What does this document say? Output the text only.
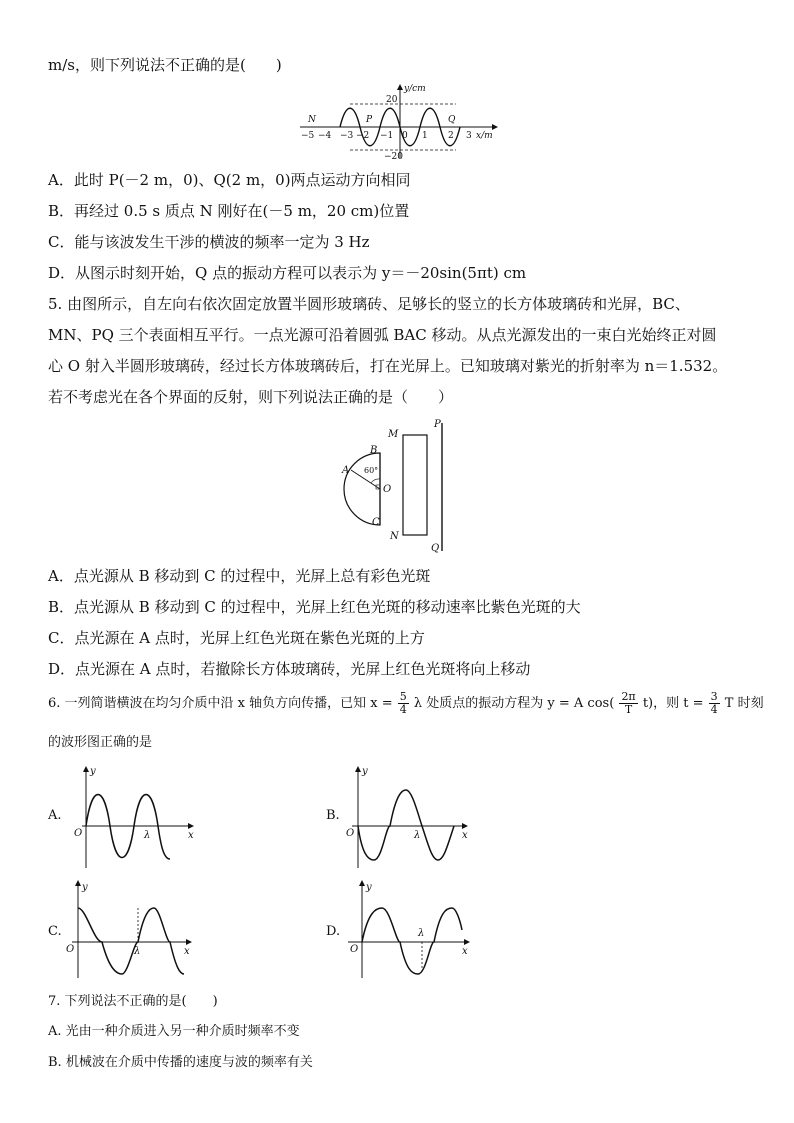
m/s，则下列说法不正确的是(　　)
20
−20
y/cm
x/m
−5 −4 −3 −2 −1 0 1 2 3
N	P	Q
A．此时 P(－2 m，0)、Q(2 m，0)两点运动方向相同
B．再经过 0.5 s 质点 N 刚好在(－5 m，20 cm)位置
C．能与该波发生干涉的横波的频率一定为 3 Hz
D．从图示时刻开始，Q 点的振动方程可以表示为 y＝－20sin(5πt) cm
5. 由图所示，自左向右依次固定放置半圆形玻璃砖、足够长的竖立的长方体玻璃砖和光屏，BC、
MN、PQ 三个表面相互平行。一点光源可沿着圆弧 BAC 移动。从点光源发出的一束白光始终正对圆
心 O 射入半圆形玻璃砖，经过长方体玻璃砖后，打在光屏上。已知玻璃对紫光的折射率为 n＝1.532。
若不考虑光在各个界面的反射，则下列说法正确的是（　　）
A
B
C
O
M
N
P
Q
60°
A．点光源从 B 移动到 C 的过程中，光屏上总有彩色光斑
B．点光源从 B 移动到 C 的过程中，光屏上红色光斑的移动速率比紫色光斑的大
C．点光源在 A 点时，光屏上红色光斑在紫色光斑的上方
D．点光源在 A 点时，若撤除长方体玻璃砖，光屏上红色光斑将向上移动
6. 一列简谐横波在均匀介质中沿 x 轴负方向传播，已知 $x = \frac{5}{4}$ λ 处质点的振动方程为 y = A $\cos( \frac{2\pi}{T} t)$，则 $t = \frac{3}{4}$ T 时刻
的波形图正确的是
A.	B.
C.	D.
y
x
O	λ
y
x
O	λ
y
x
O	λ
y
x
O
λ
7. 下列说法不正确的是(　　)
A. 光由一种介质进入另一种介质时频率不变
B. 机械波在介质中传播的速度与波的频率有关
